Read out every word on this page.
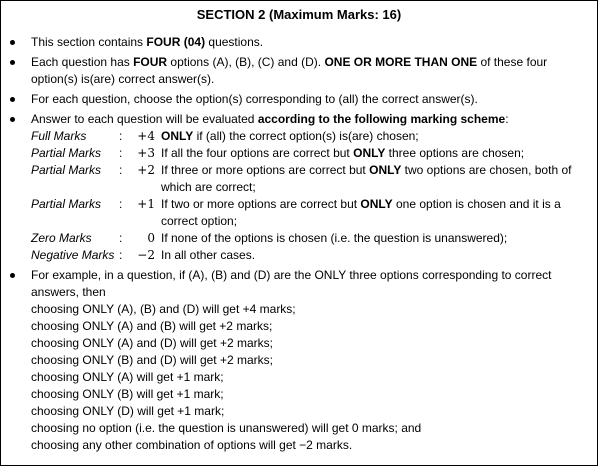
SECTION 2 (Maximum Marks: 16)
This section contains FOUR (04) questions.
Each question has FOUR options (A), (B), (C) and (D). ONE OR MORE THAN ONE of these four option(s) is(are) correct answer(s).
For each question, choose the option(s) corresponding to (all) the correct answer(s).
Answer to each question will be evaluated according to the following marking scheme:
Full Marks	:	+4 ONLY if (all) the correct option(s) is(are) chosen;
Partial Marks	:	+3 If all the four options are correct but ONLY three options are chosen;
Partial Marks	:	+2 If three or more options are correct but ONLY two options are chosen, both of which are correct;
Partial Marks	:	+1 If two or more options are correct but ONLY one option is chosen and it is a correct option;
Zero Marks	:	0 If none of the options is chosen (i.e. the question is unanswered);
Negative Marks :	−2 In all other cases.
For example, in a question, if (A), (B) and (D) are the ONLY three options corresponding to correct answers, then
choosing ONLY (A), (B) and (D) will get +4 marks;
choosing ONLY (A) and (B) will get +2 marks;
choosing ONLY (A) and (D) will get +2 marks;
choosing ONLY (B) and (D) will get +2 marks;
choosing ONLY (A) will get +1 mark;
choosing ONLY (B) will get +1 mark;
choosing ONLY (D) will get +1 mark;
choosing no option (i.e. the question is unanswered) will get 0 marks; and
choosing any other combination of options will get −2 marks.
